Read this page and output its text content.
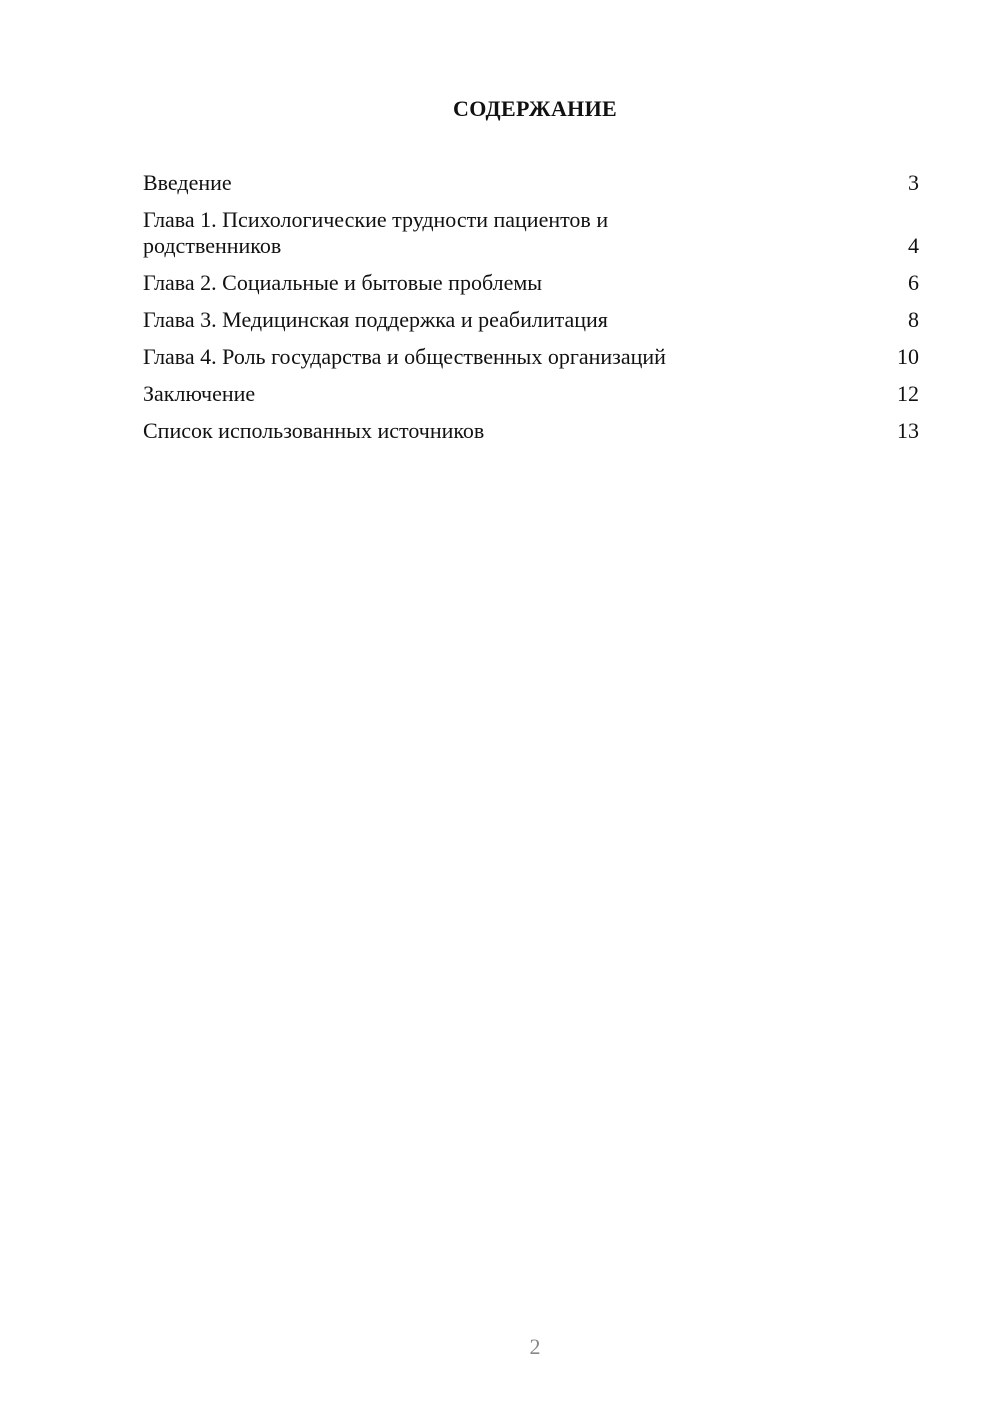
СОДЕРЖАНИЕ
Введение	3
Глава 1. Психологические трудности пациентов и родственников	4
Глава 2. Социальные и бытовые проблемы	6
Глава 3. Медицинская поддержка и реабилитация	8
Глава 4. Роль государства и общественных организаций	10
Заключение	12
Список использованных источников	13
2
